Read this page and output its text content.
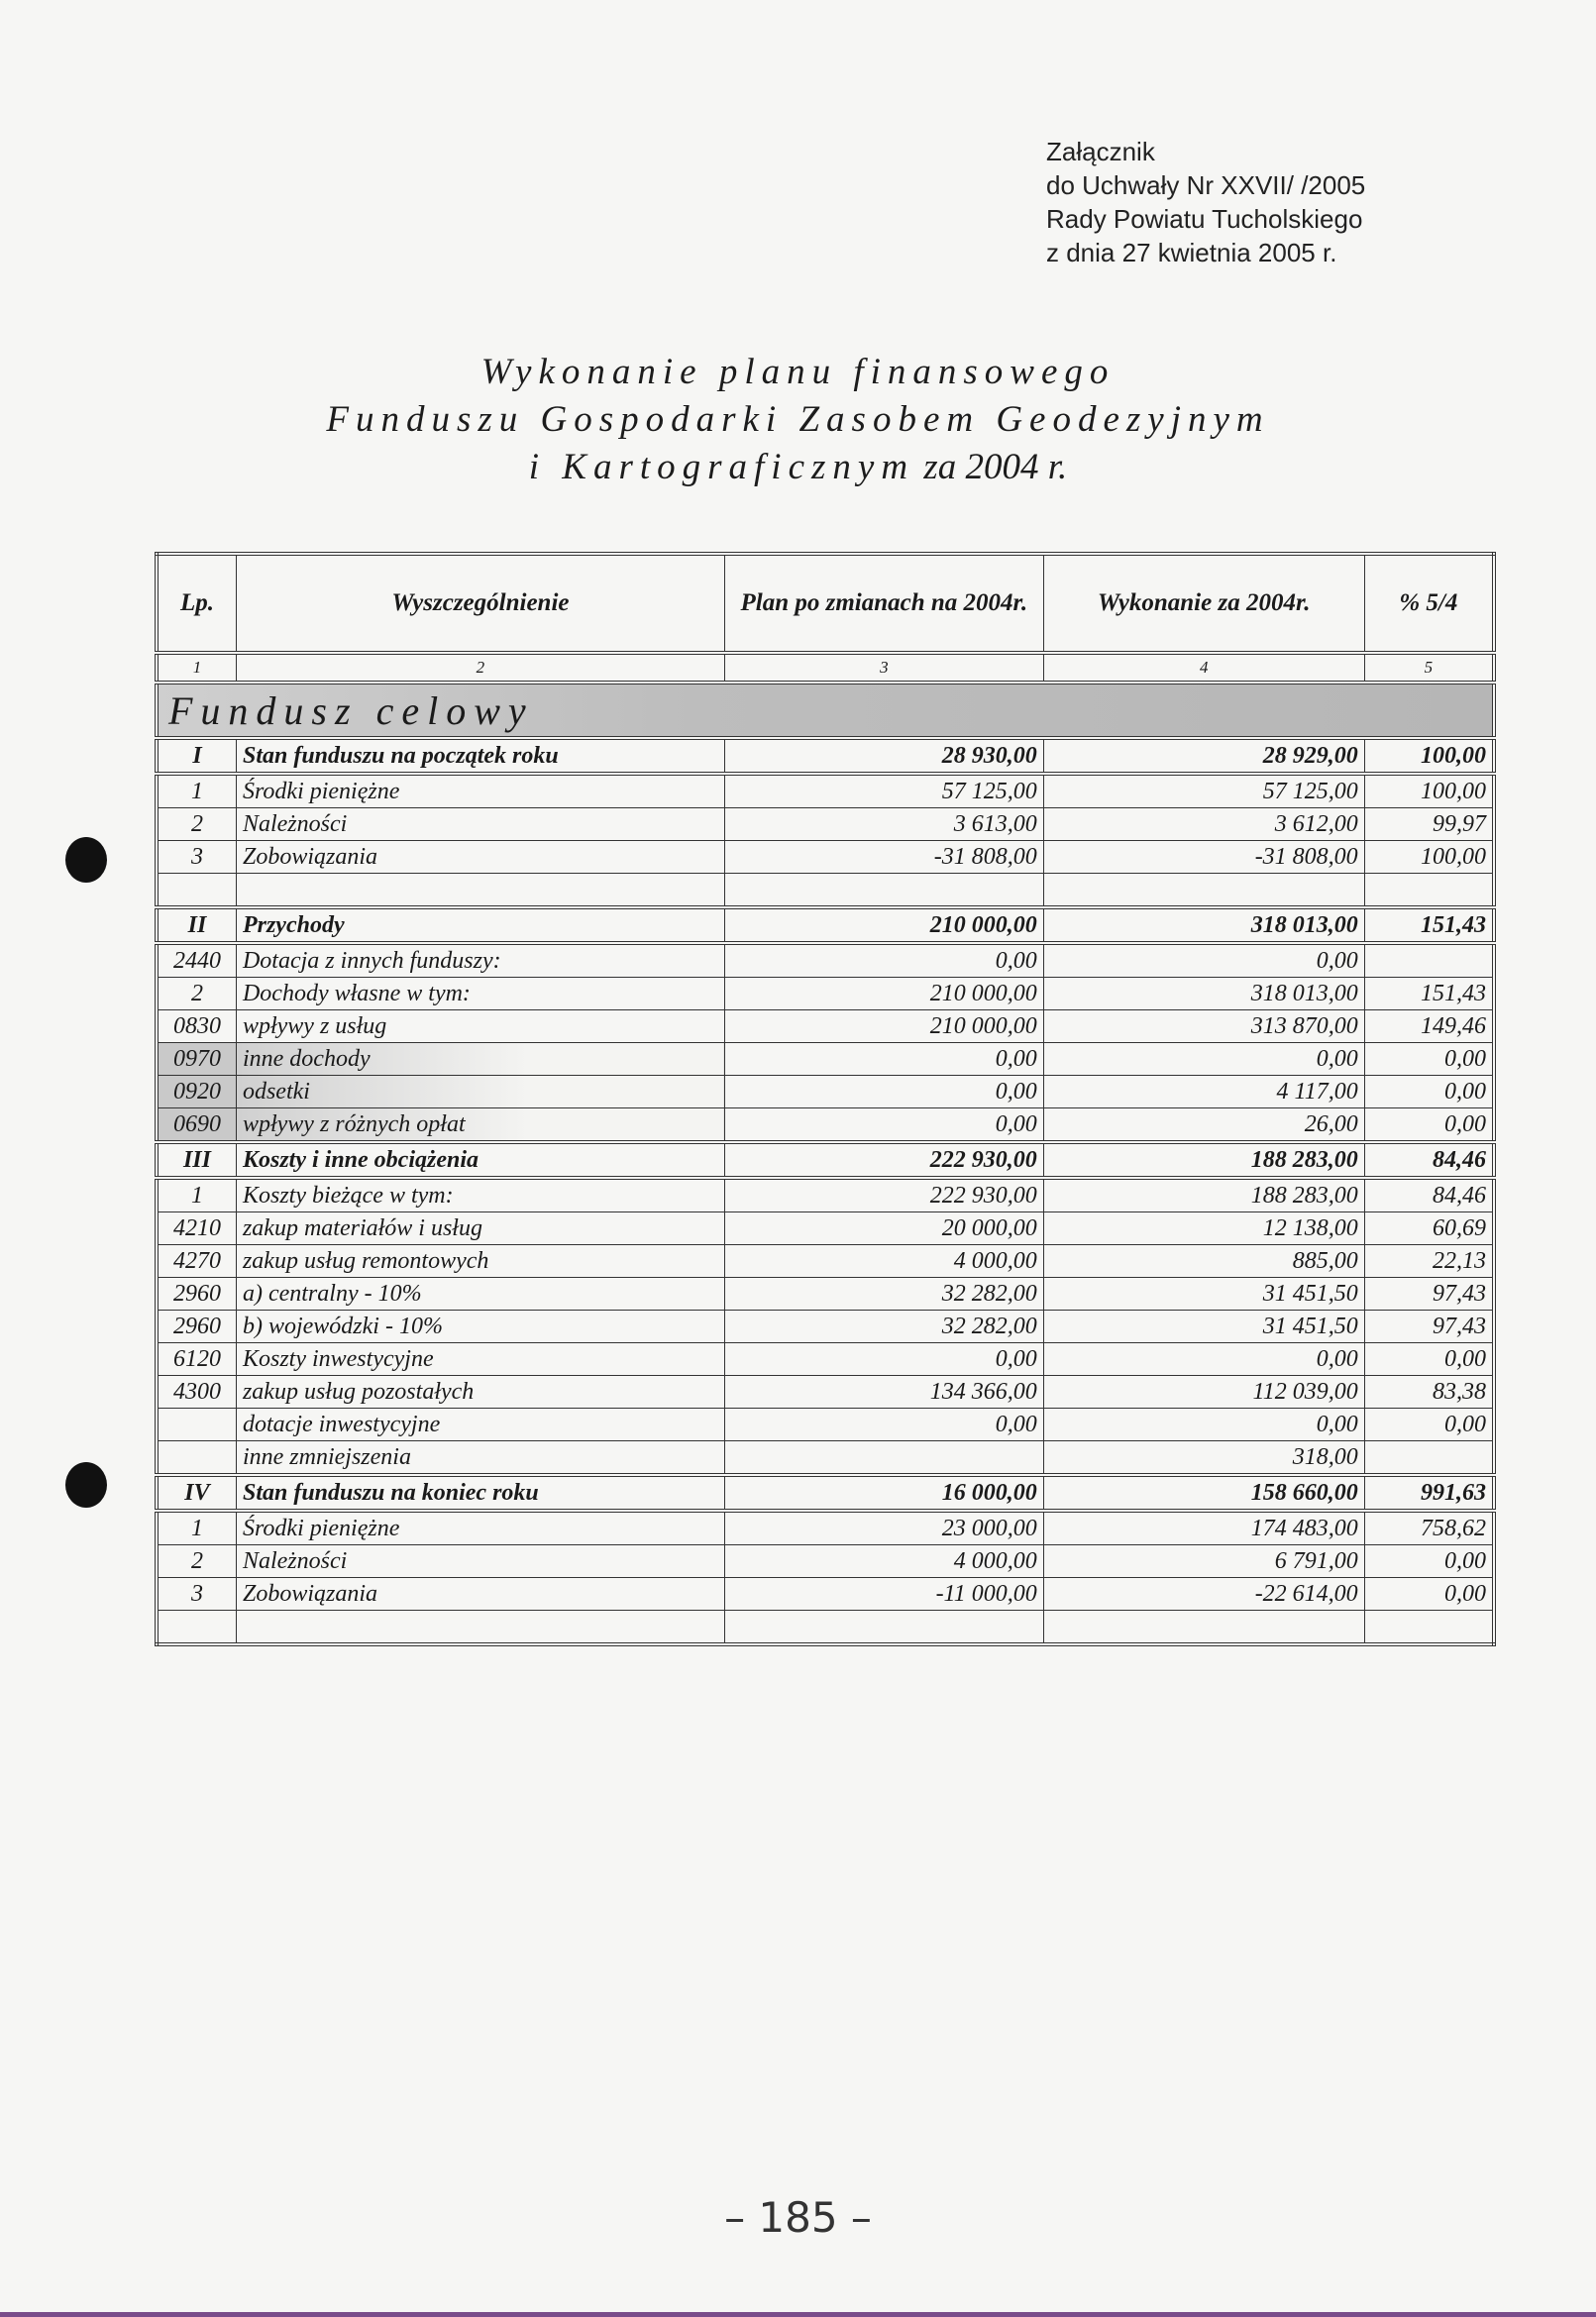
Załącznik
do Uchwały Nr XXVII/ /2005
Rady Powiatu Tucholskiego
z dnia 27 kwietnia 2005 r.
Wykonanie planu finansowego
Funduszu Gospodarki Zasobem Geodezyjnym
i Kartograficznym za 2004 r.
Lp.	Wyszczególnienie	Plan po zmianach na 2004r.	Wykonanie za 2004r.	% 5/4
1	2	3	4	5
Fundusz celowy				
I	Stan funduszu na początek roku	28 930,00	28 929,00	100,00
1	Środki pieniężne	57 125,00	57 125,00	100,00
2	Należności	3 613,00	3 612,00	99,97
3	Zobowiązania	-31 808,00	-31 808,00	100,00

II	Przychody	210 000,00	318 013,00	151,43
2440	Dotacja z innych funduszy:	0,00	0,00	
2	Dochody własne w tym:	210 000,00	318 013,00	151,43
0830	wpływy z usług	210 000,00	313 870,00	149,46
0970	inne dochody	0,00	0,00	0,00
0920	odsetki	0,00	4 117,00	0,00
0690	wpływy z różnych opłat	0,00	26,00	0,00
III	Koszty i inne obciążenia	222 930,00	188 283,00	84,46
1	Koszty bieżące w tym:	222 930,00	188 283,00	84,46
4210	zakup materiałów i usług	20 000,00	12 138,00	60,69
4270	zakup usług remontowych	4 000,00	885,00	22,13
2960	a) centralny - 10%	32 282,00	31 451,50	97,43
2960	b) wojewódzki - 10%	32 282,00	31 451,50	97,43
6120	Koszty inwestycyjne	0,00	0,00	0,00
4300	zakup usług pozostałych	134 366,00	112 039,00	83,38
	dotacje inwestycyjne	0,00	0,00	0,00
	inne zmniejszenia		318,00	
IV	Stan funduszu na koniec roku	16 000,00	158 660,00	991,63
1	Środki pieniężne	23 000,00	174 483,00	758,62
2	Należności	4 000,00	6 791,00	0,00
3	Zobowiązania	-11 000,00	-22 614,00	0,00

– 185 –
